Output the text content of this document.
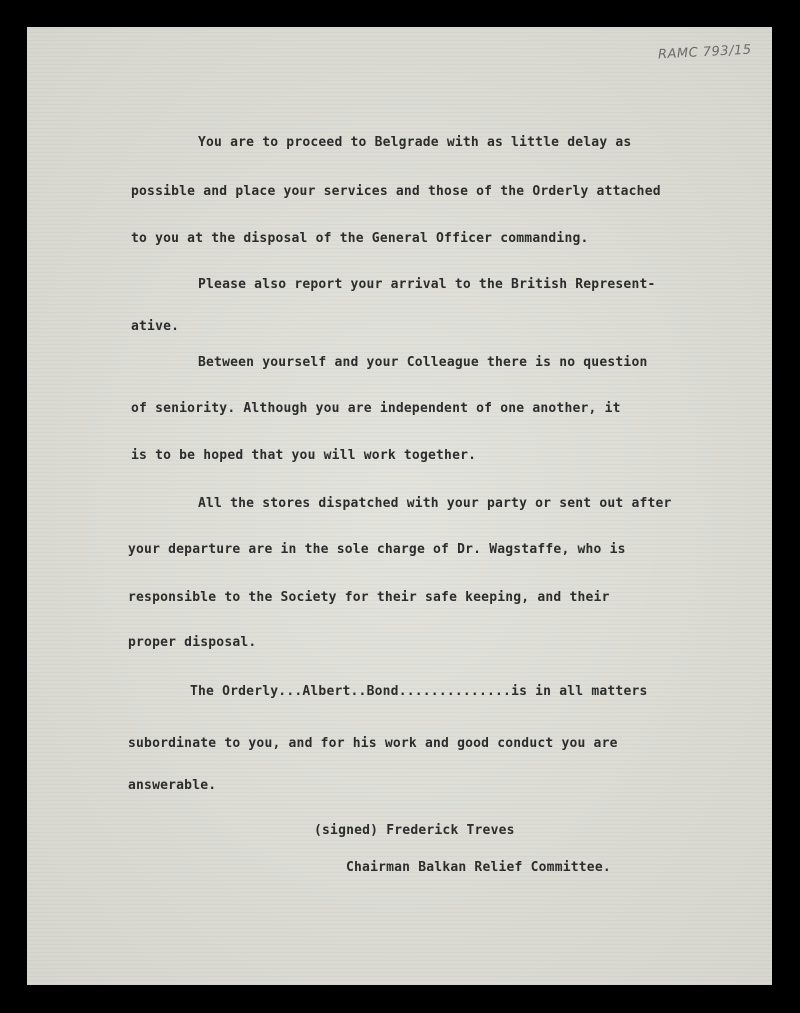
RAMC 793/15
You are to proceed to Belgrade with as little delay as
possible and place your services and those of the Orderly attached
to you at the disposal of the General Officer commanding.
Please also report your arrival to the British Represent-
ative.
Between yourself and your Colleague there is no question
of seniority. Although you are independent of one another, it
is to be hoped that you will work together.
All the stores dispatched with your party or sent out after
your departure are in the sole charge of Dr. Wagstaffe, who is
responsible to the Society for their safe keeping, and their
proper disposal.
The Orderly...Albert..Bond..............is in all matters
subordinate to you, and for his work and good conduct you are
answerable.
(signed) Frederick Treves
Chairman Balkan Relief Committee.
